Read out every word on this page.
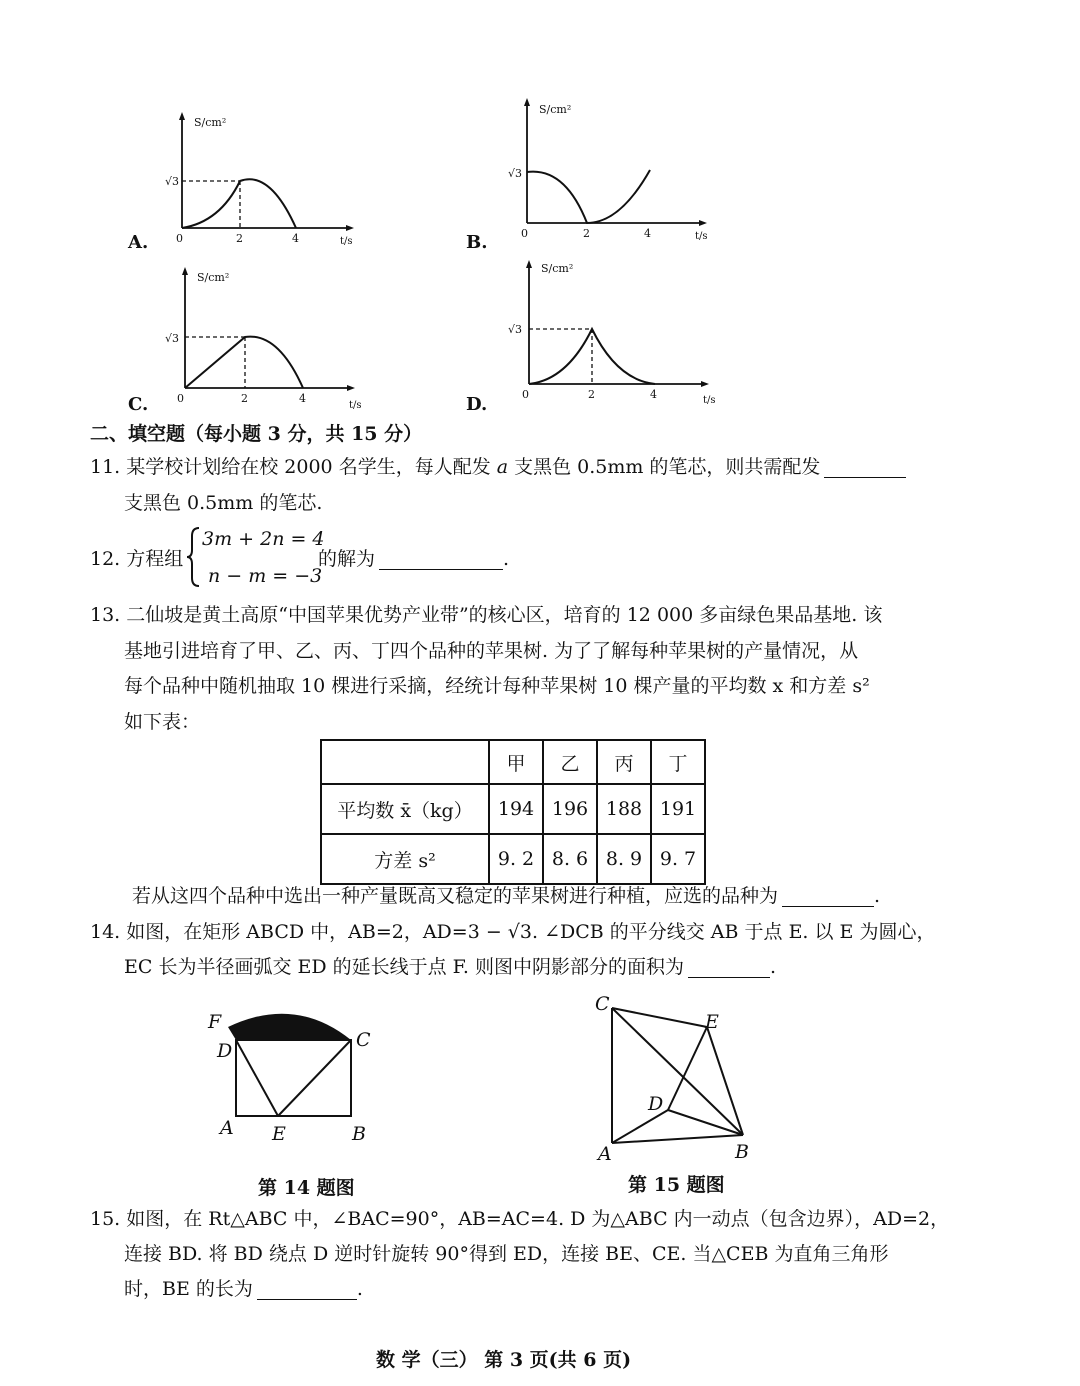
S/cm²
√3
0	2	4	t/s
A.
S/cm²
√3
0	2	4	t/s
B.
S/cm²
√3
0	2	4
t/s
C.
S/cm²
√3
0	2	4	t/s
D.
二、填空题（每小题 3 分，共 15 分）
11. 某学校计划给在校 2000 名学生，每人配发 a 支黑色 0.5mm 的笔芯，则共需配发
支黑色 0.5mm 的笔芯.
12. 方程组
3m + 2n = 4
n − m = −3
的解为	.
13. 二仙坡是黄土高原“中国苹果优势产业带”的核心区，培育的 12 000 多亩绿色果品基地. 该
基地引进培育了甲、乙、丙、丁四个品种的苹果树. 为了了解每种苹果树的产量情况，从
每个品种中随机抽取 10 棵进行采摘，经统计每种苹果树 10 棵产量的平均数 x 和方差 s²
如下表：
	甲	乙	丙	丁
平均数 x̄（kg）	194	196	188	191
方差 s²	9. 2	8. 6	8. 9	9. 7
若从这四个品种中选出一种产量既高又稳定的苹果树进行种植，应选的品种为	.
14. 如图，在矩形 ABCD 中，AB=2，AD=3 − √3. ∠DCB 的平分线交 AB 于点 E. 以 E 为圆心，
EC 长为半径画弧交 ED 的延长线于点 F. 则图中阴影部分的面积为	.
F
D	C
A E	B
第 14 题图
C
E
D
A	B
第 15 题图
15. 如图，在 Rt△ABC 中，∠BAC=90°，AB=AC=4. D 为△ABC 内一动点（包含边界），AD=2，
连接 BD. 将 BD 绕点 D 逆时针旋转 90°得到 ED，连接 BE、CE. 当△CEB 为直角三角形
时，BE 的长为	.
数 学（三） 第 3 页(共 6 页)
